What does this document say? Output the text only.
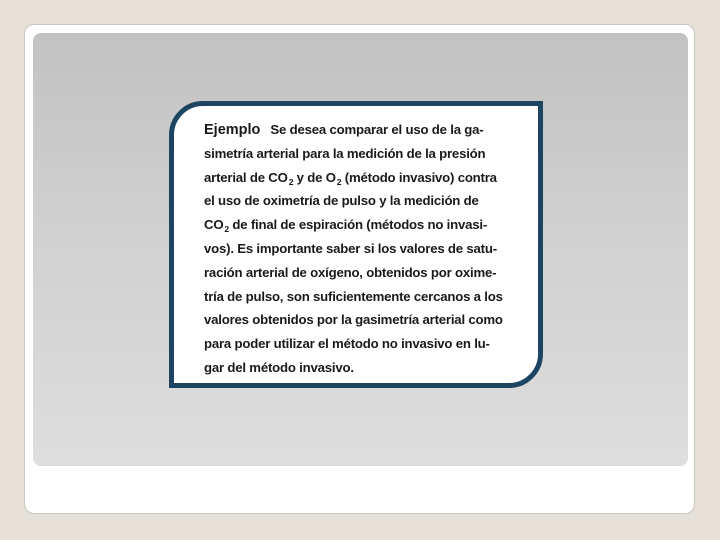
Ejemplo Se desea comparar el uso de la ga-
simetría arterial para la medición de la presión
arterial de $CO_2$ y de $O_2$ (método invasivo) contra
el uso de oximetría de pulso y la medición de
$CO_2$ de final de espiración (métodos no invasi-
vos). Es importante saber si los valores de satu-
ración arterial de oxígeno, obtenidos por oxime-
tría de pulso, son suficientemente cercanos a los
valores obtenidos por la gasimetría arterial como
para poder utilizar el método no invasivo en lu-
gar del método invasivo.
